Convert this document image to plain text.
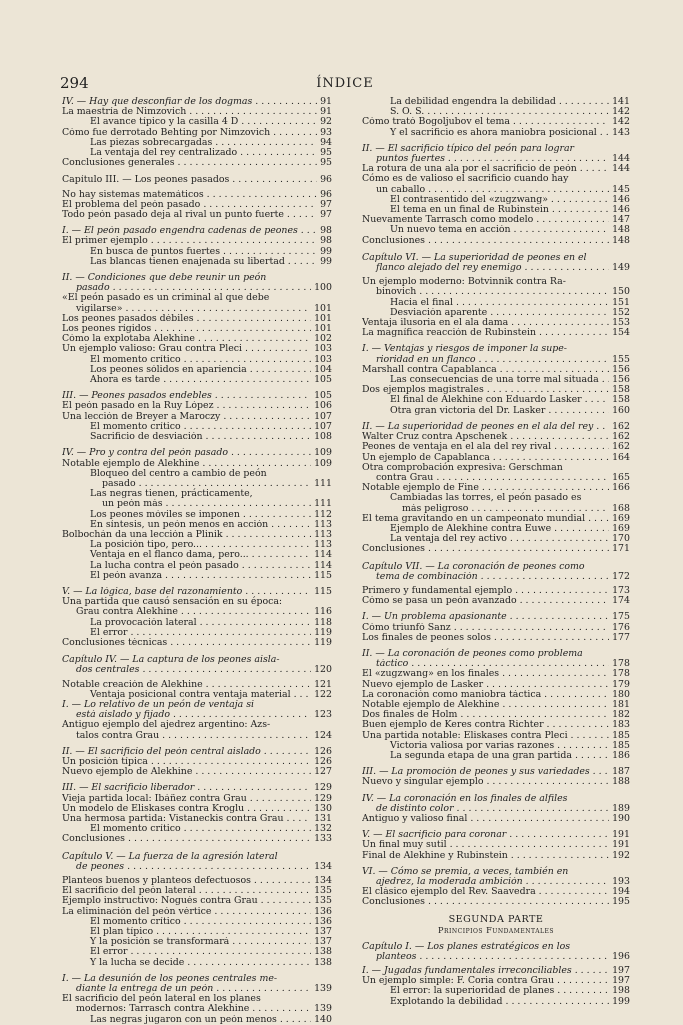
294	ÍNDICE
IV. — Hay que desconfiar de los dogmas . . .	91
La maestría de Nimzovich . . .	91
El avance típico y la casilla 4 D . . .	92
Cómo fue derrotado Behting por Nimzovich . . .	93
Las piezas sobrecargadas . . .	94
La ventaja del rey centralizado . . .	95
Conclusiones generales . . .	95
Capítulo III. — Los peones pasados . . .	96
No hay sistemas matemáticos . . .	96
El problema del peón pasado . . .	97
Todo peón pasado deja al rival un punto fuerte . . .	97
I. — El peón pasado engendra cadenas de peones . . .	98
El primer ejemplo . . .	98
En busca de puntos fuertes . . .	99
Las blancas tienen enajenada su libertad . . .	99
II. — Condiciones que debe reunir un peón
pasado . . .	100
«El peón pasado es un criminal al que debe
vigilarse» . . .	101
Los peones pasados débiles . . .	101
Los peones rígidos . . .	101
Cómo la explotaba Alekhine . . .	102
Un ejemplo valioso: Grau contra Pleci . . .	103
El momento crítico . . .	103
Los peones sólidos en apariencia . . .	104
Ahora es tarde . . .	105
III. — Peones pasados endebles . . .	105
El peón pasado en la Ruy López . . .	106
Una lección de Breyer a Maroczy . . .	107
El momento crítico . . .	107
Sacrificio de desviación . . .	108
IV. — Pro y contra del peón pasado . . .	109
Notable ejemplo de Alekhine . . .	109
Bloqueo del centro a cambio de peón
pasado . . .	111
Las negras tienen, prácticamente,
un peón más . . .	111
Los peones móviles se imponen . . .	112
En síntesis, un peón menos en acción . . .	113
Bolbochán da una lección a Plinik . . .	113
La posición tipo, pero... . . .	113
Ventaja en el flanco dama, pero... . . .	114
La lucha contra el peón pasado . . .	114
El peón avanza . . .	115
V. — La lógica, base del razonamiento . . .	115
Una partida que causó sensación en su época:
Grau contra Alekhine . . .	116
La provocación lateral . . .	118
El error . . .	119
Conclusiones técnicas . . .	119
Capítulo IV. — La captura de los peones aisla-
dos centrales . . .	120
Notable creación de Alekhine . . .	121
Ventaja posicional contra ventaja material . . .	122
I. — Lo relativo de un peón de ventaja si
está aislado y fijado . . .	123
Antiguo ejemplo del ajedrez argentino: Azs-
talos contra Grau . . .	124
II. — El sacrificio del peón central aislado . . .	126
Un posición típica . . .	126
Nuevo ejemplo de Alekhine . . .	127
III. — El sacrificio liberador . . .	129
Vieja partida local: Ibáñez contra Grau . . .	129
Un modelo de Eliskases contra Kroglu . . .	130
Una hermosa partida: Vistaneckis contra Grau . . .	131
El momento crítico . . .	132
Conclusiones . . .	133
Capítulo V. — La fuerza de la agresión lateral
de peones . . .	134
Planteos buenos y planteos defectuosos . . .	134
El sacrificio del peón lateral . . .	135
Ejemplo instructivo: Nogués contra Grau . . .	135
La eliminación del peón vértice . . .	136
El momento crítico . . .	136
El plan típico . . .	137
Y la posición se transformará . . .	137
El error . . .	138
Y la lucha se decide . . .	138
I. — La desunión de los peones centrales me-
diante la entrega de un peón . . .	139
El sacrificio del peón lateral en los planes
modernos: Tarrasch contra Alekhine . . .	139
Las negras jugaron con un peón menos . . .	140
La debilidad engendra la debilidad . . .	141
S. O. S. . . .	142
Cómo trató Bogoljubov el tema . . .	142
Y el sacrificio es ahora maniobra posicional . . .	143
II. — El sacrificio típico del peón para lograr
puntos fuertes . . .	144
La rotura de una ala por el sacrificio de peón . . .	144
Cómo es de valioso el sacrificio cuando hay
un caballo . . .	145
El contrasentido del «zugzwang» . . .	146
El tema en un final de Rubinstein . . .	146
Nuevamente Tarrasch como modelo . . .	147
Un nuevo tema en acción . . .	148
Conclusiones . . .	148
Capítulo VI. — La superioridad de peones en el
flanco alejado del rey enemigo . . .	149
Un ejemplo moderno: Botvinnik contra Ra-
binovich . . .	150
Hacia el final . . .	151
Desviación aparente . . .	152
Ventaja ilusoria en el ala dama . . .	153
La magnífica reacción de Rubinstein . . .	154
I. — Ventajas y riesgos de imponer la supe-
rioridad en un flanco . . .	155
Marshall contra Capablanca . . .	156
Las consecuencias de una torre mal situada . . .	156
Dos ejemplos magistrales . . .	158
El final de Alekhine con Eduardo Lasker . . .	158
Otra gran victoria del Dr. Lasker . . .	160
II. — La superioridad de peones en el ala del rey . . .	162
Walter Cruz contra Apschenek . . .	162
Peones de ventaja en el ala del rey rival . . .	162
Un ejemplo de Capablanca . . .	164
Otra comprobación expresiva: Gerschman
contra Grau . . .	165
Notable ejemplo de Fine . . .	166
Cambiadas las torres, el peón pasado es
más peligroso . . .	168
El tema gravitando en un campeonato mundial . . .	169
Ejemplo de Alekhine contra Euwe . . .	169
La ventaja del rey activo . . .	170
Conclusiones . . .	171
Capítulo VII. — La coronación de peones como
tema de combinación . . .	172
Primero y fundamental ejemplo . . .	173
Cómo se pasa un peón avanzado . . .	174
I. — Un problema apasionante . . .	175
Cómo triunfó Sanz . . .	176
Los finales de peones solos . . .	177
II. — La coronación de peones como problema
táctico . . .	178
El «zugzwang» en los finales . . .	178
Nuevo ejemplo de Lasker . . .	179
La coronación como maniobra táctica . . .	180
Notable ejemplo de Alekhine . . .	181
Dos finales de Holm . . .	182
Buen ejemplo de Keres contra Richter . . .	183
Una partida notable: Eliskases contra Pleci . . .	185
Victoria valiosa por varias razones . . .	185
La segunda etapa de una gran partida . . .	186
III. — La promoción de peones y sus variedades . . .	187
Nuevo y singular ejemplo . . .	188
IV. — La coronación en los finales de alfiles
de distinto color . . .	189
Antiguo y valioso final . . .	190
V. — El sacrificio para coronar . . .	191
Un final muy sutil . . .	191
Final de Alekhine y Rubinstein . . .	192
VI. — Cómo se premia, a veces, también en
ajedrez, la moderada ambición . . .	193
El clásico ejemplo del Rev. Saavedra . . .	194
Conclusiones . . .	195
SEGUNDA PARTE
Principios Fundamentales
Capítulo I. — Los planes estratégicos en los
planteos . . .	196
I. — Jugadas fundamentales irreconciliables . . .	197
Un ejemplo simple: F. Coria contra Grau . . .	197
El error: la superioridad de planes . . .	198
Explotando la debilidad . . .	199
